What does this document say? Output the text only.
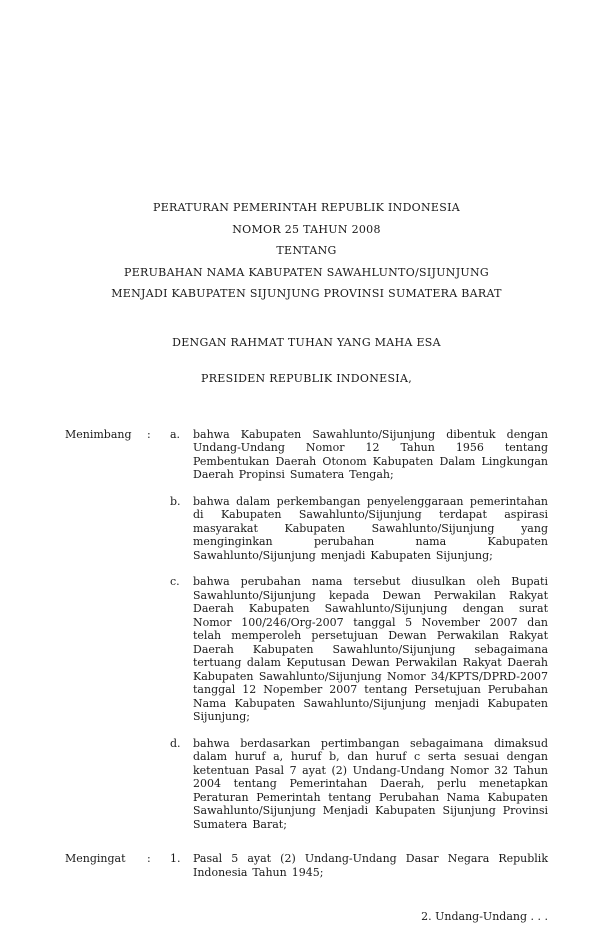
PERATURAN PEMERINTAH REPUBLIK INDONESIA
NOMOR 25 TAHUN 2008
TENTANG
PERUBAHAN NAMA KABUPATEN SAWAHLUNTO/SIJUNJUNG
MENJADI KABUPATEN SIJUNJUNG PROVINSI SUMATERA BARAT
DENGAN RAHMAT TUHAN YANG MAHA ESA
PRESIDEN REPUBLIK INDONESIA,
Menimbang	:	a.	bahwa Kabupaten Sawahlunto/Sijunjung dibentuk dengan Undang-Undang Nomor 12 Tahun 1956 tentang Pembentukan Daerah Otonom Kabupaten Dalam Lingkungan Daerah Propinsi Sumatera Tengah;

b.	bahwa dalam perkembangan penyelenggaraan pemerintahan di Kabupaten Sawahlunto/Sijunjung terdapat aspirasi masyarakat Kabupaten Sawahlunto/Sijunjung yang menginginkan perubahan nama Kabupaten Sawahlunto/Sijunjung menjadi Kabupaten Sijunjung;

c.	bahwa perubahan nama tersebut diusulkan oleh Bupati Sawahlunto/Sijunjung kepada Dewan Perwakilan Rakyat Daerah Kabupaten Sawahlunto/Sijunjung dengan surat Nomor 100/246/Org-2007 tanggal 5 November 2007 dan telah memperoleh persetujuan Dewan Perwakilan Rakyat Daerah Kabupaten Sawahlunto/Sijunjung sebagaimana tertuang dalam Keputusan Dewan Perwakilan Rakyat Daerah Kabupaten Sawahlunto/Sijunjung Nomor 34/KPTS/DPRD-2007 tanggal 12 Nopember 2007 tentang Persetujuan Perubahan Nama Kabupaten Sawahlunto/Sijunjung menjadi Kabupaten Sijunjung;

d.	bahwa berdasarkan pertimbangan sebagaimana dimaksud dalam huruf a, huruf b, dan huruf c serta sesuai dengan ketentuan Pasal 7 ayat (2) Undang-Undang Nomor 32 Tahun 2004 tentang Pemerintahan Daerah, perlu menetapkan Peraturan Pemerintah tentang Perubahan Nama Kabupaten Sawahlunto/Sijunjung Menjadi Kabupaten Sijunjung Provinsi Sumatera Barat;

Mengingat	:	1.	Pasal 5 ayat (2) Undang-Undang Dasar Negara Republik Indonesia Tahun 1945;

2. Undang-Undang . . .
